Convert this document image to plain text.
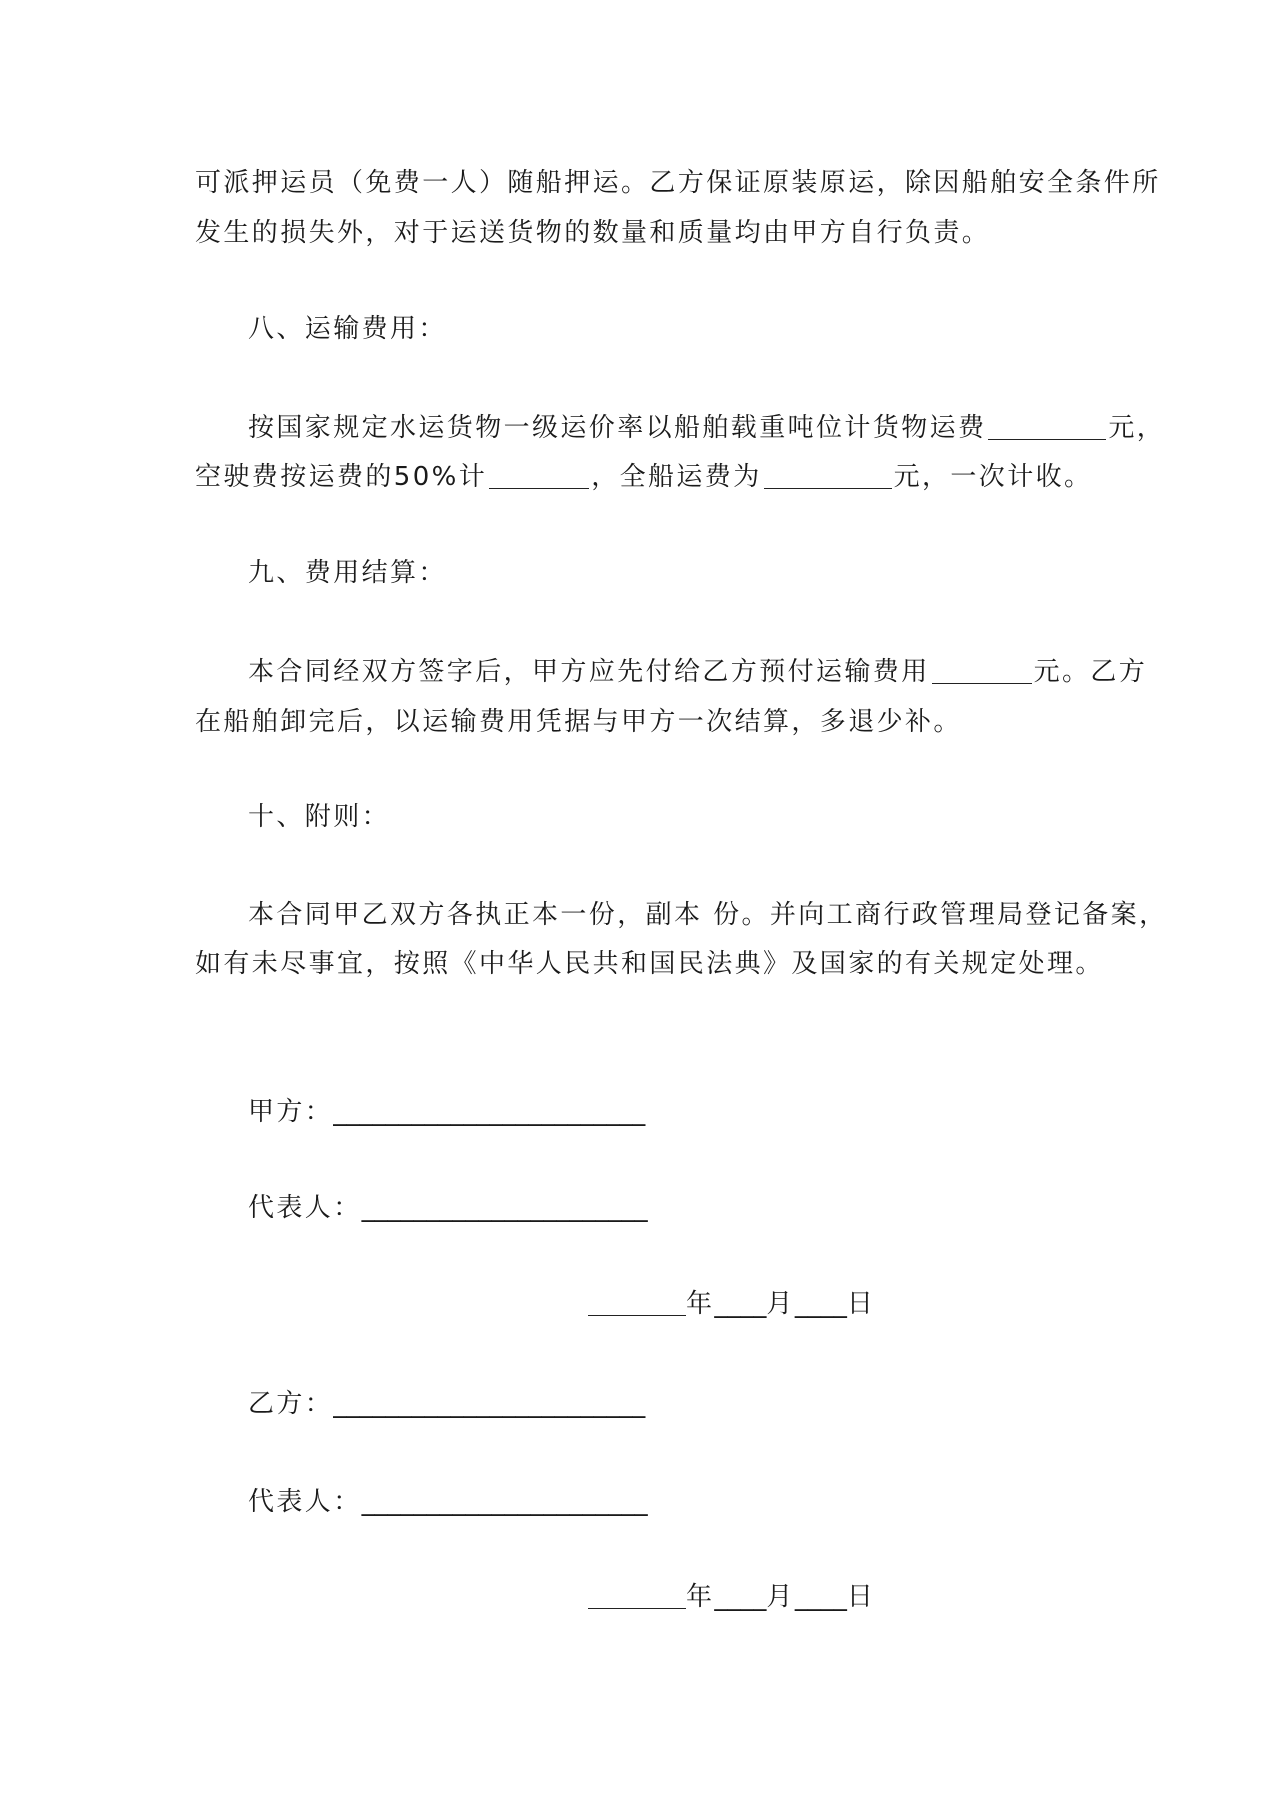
可派押运员（免费一人）随船押运。乙方保证原装原运，除因船舶安全条件所
发生的损失外，对于运送货物的数量和质量均由甲方自行负责。
八、运输费用：
按国家规定水运货物一级运价率以船舶载重吨位计货物运费	元，
空驶费按运费的50%计	，全船运费为	元，一次计收。
九、费用结算：
本合同经双方签字后，甲方应先付给乙方预付运输费用	元。乙方
在船舶卸完后，以运输费用凭据与甲方一次结算，多退少补。
十、附则：
本合同甲乙双方各执正本一份，副本 份。并向工商行政管理局登记备案，
如有未尽事宜，按照《中华人民共和国民法典》及国家的有关规定处理。
甲方：________________________
代表人：______________________
年____月____日
乙方：________________________
代表人：______________________
年____月____日
